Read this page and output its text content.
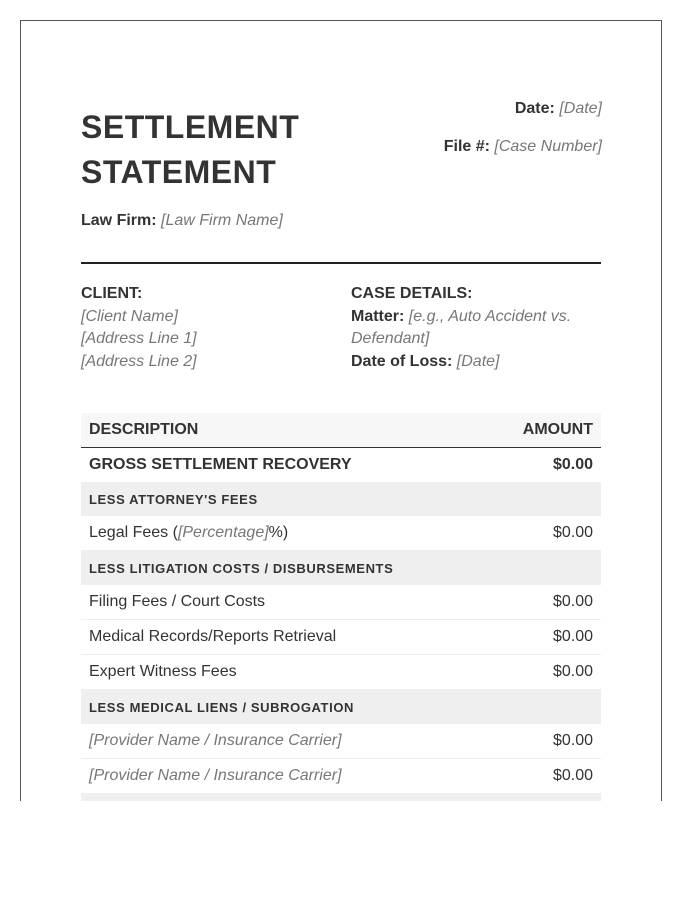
SETTLEMENT
STATEMENT
Date: [Date]
File #: [Case Number]
Law Firm: [Law Firm Name]
CLIENT:
[Client Name]
[Address Line 1]
[Address Line 2]
CASE DETAILS:
Matter: [e.g., Auto Accident vs. Defendant]
Date of Loss: [Date]
DESCRIPTION	AMOUNT
GROSS SETTLEMENT RECOVERY	$0.00
LESS ATTORNEY'S FEES	
Legal Fees ([Percentage]%)	$0.00
LESS LITIGATION COSTS / DISBURSEMENTS	
Filing Fees / Court Costs	$0.00
Medical Records/Reports Retrieval	$0.00
Expert Witness Fees	$0.00
LESS MEDICAL LIENS / SUBROGATION	
[Provider Name / Insurance Carrier]	$0.00
[Provider Name / Insurance Carrier]	$0.00
